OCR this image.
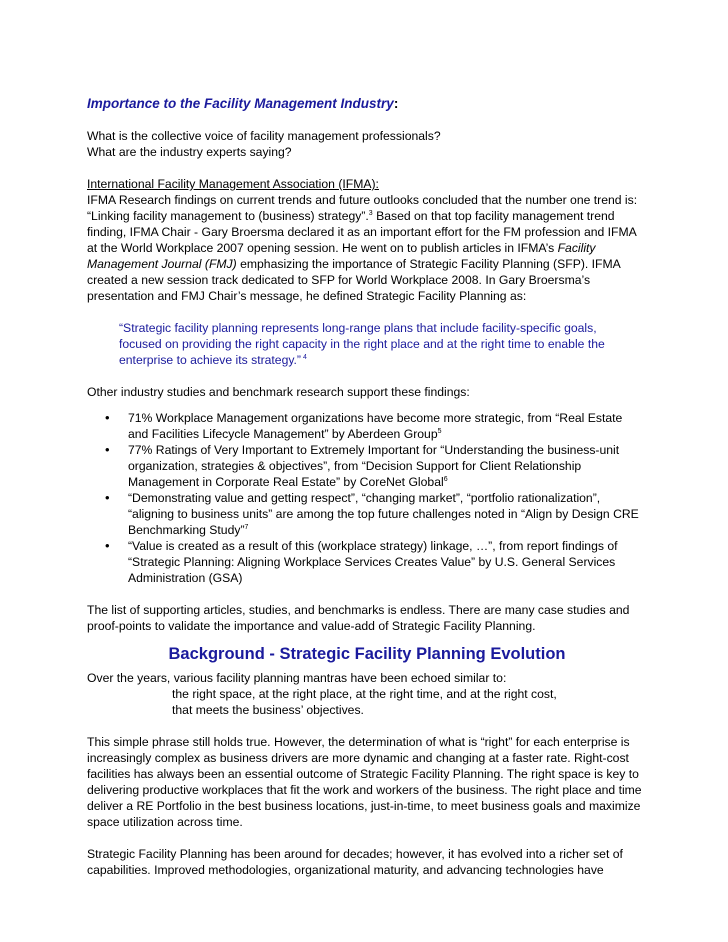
Importance to the Facility Management Industry:

What is the collective voice of facility management professionals?

What are the industry experts saying?

International Facility Management Association (IFMA):

IFMA Research findings on current trends and future outlooks concluded that the number one trend is: “Linking facility management to (business) strategy”.$^3$ Based on that top facility management trend finding, IFMA Chair - Gary Broersma declared it as an important effort for the FM profession and IFMA at the World Workplace 2007 opening session. He went on to publish articles in IFMA’s Facility Management Journal (FMJ) emphasizing the importance of Strategic Facility Planning (SFP). IFMA created a new session track dedicated to SFP for World Workplace 2008. In Gary Broersma’s presentation and FMJ Chair’s message, he defined Strategic Facility Planning as:

“Strategic facility planning represents long-range plans that include facility-specific goals, focused on providing the right capacity in the right place and at the right time to enable the enterprise to achieve its strategy.” $^4$

Other industry studies and benchmark research support these findings:

• 71% Workplace Management organizations have become more strategic, from “Real Estate and Facilities Lifecycle Management” by Aberdeen Group$^5$
• 77% Ratings of Very Important to Extremely Important for “Understanding the business-unit organization, strategies & objectives”, from “Decision Support for Client Relationship Management in Corporate Real Estate” by CoreNet Global$^6$
• “Demonstrating value and getting respect”, “changing market”, “portfolio rationalization”, “aligning to business units” are among the top future challenges noted in “Align by Design CRE Benchmarking Study”$^7$
• “Value is created as a result of this (workplace strategy) linkage, …”, from report findings of “Strategic Planning: Aligning Workplace Services Creates Value” by U.S. General Services Administration (GSA)

The list of supporting articles, studies, and benchmarks is endless. There are many case studies and proof-points to validate the importance and value-add of Strategic Facility Planning.

Background - Strategic Facility Planning Evolution

Over the years, various facility planning mantras have been echoed similar to:

the right space, at the right place, at the right time, and at the right cost,

that meets the business’ objectives.

This simple phrase still holds true. However, the determination of what is “right” for each enterprise is increasingly complex as business drivers are more dynamic and changing at a faster rate. Right-cost facilities has always been an essential outcome of Strategic Facility Planning. The right space is key to delivering productive workplaces that fit the work and workers of the business. The right place and time deliver a RE Portfolio in the best business locations, just-in-time, to meet business goals and maximize space utilization across time.

Strategic Facility Planning has been around for decades; however, it has evolved into a richer set of capabilities. Improved methodologies, organizational maturity, and advancing technologies have
